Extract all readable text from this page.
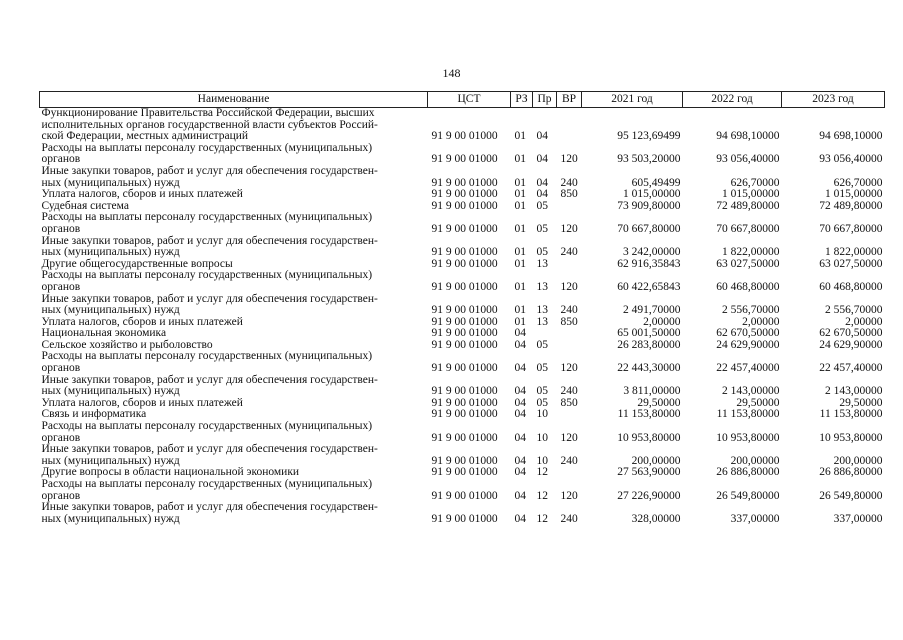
148
Наименование	ЦСТ	РЗ	Пр	ВР	2021 год	2022 год	2023 год

Функционирование Правительства Российской Федерации, высших
исполнительных органов государственной власти субъектов Россий-
ской Федерации, местных администраций	91 9 00 01000	01	04		95 123,69499	94 698,10000	94 698,10000

Расходы на выплаты персоналу государственных (муниципальных)
органов	91 9 00 01000	01	04	120	93 503,20000	93 056,40000	93 056,40000

Иные закупки товаров, работ и услуг для обеспечения государствен-
ных (муниципальных) нужд	91 9 00 01000	01	04	240	605,49499	626,70000	626,70000

Уплата налогов, сборов и иных платежей	91 9 00 01000	01	04	850	1 015,00000	1 015,00000	1 015,00000

Судебная система	91 9 00 01000	01	05		73 909,80000	72 489,80000	72 489,80000

Расходы на выплаты персоналу государственных (муниципальных)
органов	91 9 00 01000	01	05	120	70 667,80000	70 667,80000	70 667,80000

Иные закупки товаров, работ и услуг для обеспечения государствен-
ных (муниципальных) нужд	91 9 00 01000	01	05	240	3 242,00000	1 822,00000	1 822,00000

Другие общегосударственные вопросы	91 9 00 01000	01	13		62 916,35843	63 027,50000	63 027,50000

Расходы на выплаты персоналу государственных (муниципальных)
органов	91 9 00 01000	01	13	120	60 422,65843	60 468,80000	60 468,80000

Иные закупки товаров, работ и услуг для обеспечения государствен-
ных (муниципальных) нужд	91 9 00 01000	01	13	240	2 491,70000	2 556,70000	2 556,70000

Уплата налогов, сборов и иных платежей	91 9 00 01000	01	13	850	2,00000	2,00000	2,00000

Национальная экономика	91 9 00 01000	04			65 001,50000	62 670,50000	62 670,50000

Сельское хозяйство и рыболовство	91 9 00 01000	04	05		26 283,80000	24 629,90000	24 629,90000

Расходы на выплаты персоналу государственных (муниципальных)
органов	91 9 00 01000	04	05	120	22 443,30000	22 457,40000	22 457,40000

Иные закупки товаров, работ и услуг для обеспечения государствен-
ных (муниципальных) нужд	91 9 00 01000	04	05	240	3 811,00000	2 143,00000	2 143,00000

Уплата налогов, сборов и иных платежей	91 9 00 01000	04	05	850	29,50000	29,50000	29,50000

Связь и информатика	91 9 00 01000	04	10		11 153,80000	11 153,80000	11 153,80000

Расходы на выплаты персоналу государственных (муниципальных)
органов	91 9 00 01000	04	10	120	10 953,80000	10 953,80000	10 953,80000

Иные закупки товаров, работ и услуг для обеспечения государствен-
ных (муниципальных) нужд	91 9 00 01000	04	10	240	200,00000	200,00000	200,00000

Другие вопросы в области национальной экономики	91 9 00 01000	04	12		27 563,90000	26 886,80000	26 886,80000

Расходы на выплаты персоналу государственных (муниципальных)
органов	91 9 00 01000	04	12	120	27 226,90000	26 549,80000	26 549,80000

Иные закупки товаров, работ и услуг для обеспечения государствен-
ных (муниципальных) нужд	91 9 00 01000	04	12	240	328,00000	337,00000	337,00000
